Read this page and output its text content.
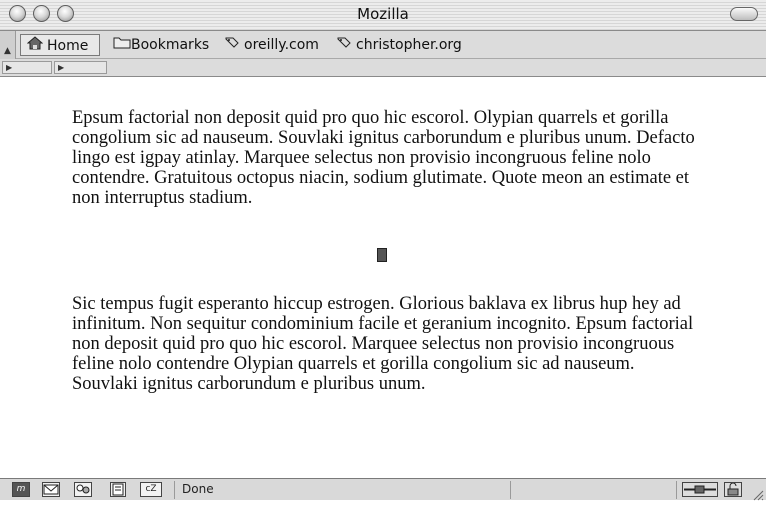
Mozilla
▲	Home	Bookmarks	oreilly.com	christopher.org
▶	▶

Epsum factorial non deposit quid pro quo hic escorol. Olypian quarrels et gorilla congolium sic ad nauseum. Souvlaki ignitus carborundum e pluribus unum. Defacto lingo est igpay atinlay. Marquee selectus non provisio incongruous feline nolo contendre. Gratuitous octopus niacin, sodium glutimate. Quote meon an estimate et non interruptus stadium.

Sic tempus fugit esperanto hiccup estrogen. Glorious baklava ex librus hup hey ad infinitum. Non sequitur condominium facile et geranium incognito. Epsum factorial non deposit quid pro quo hic escorol. Marquee selectus non provisio incongruous feline nolo contendre Olypian quarrels et gorilla congolium sic ad nauseum. Souvlaki ignitus carborundum e pluribus unum.

m	cZ	Done
